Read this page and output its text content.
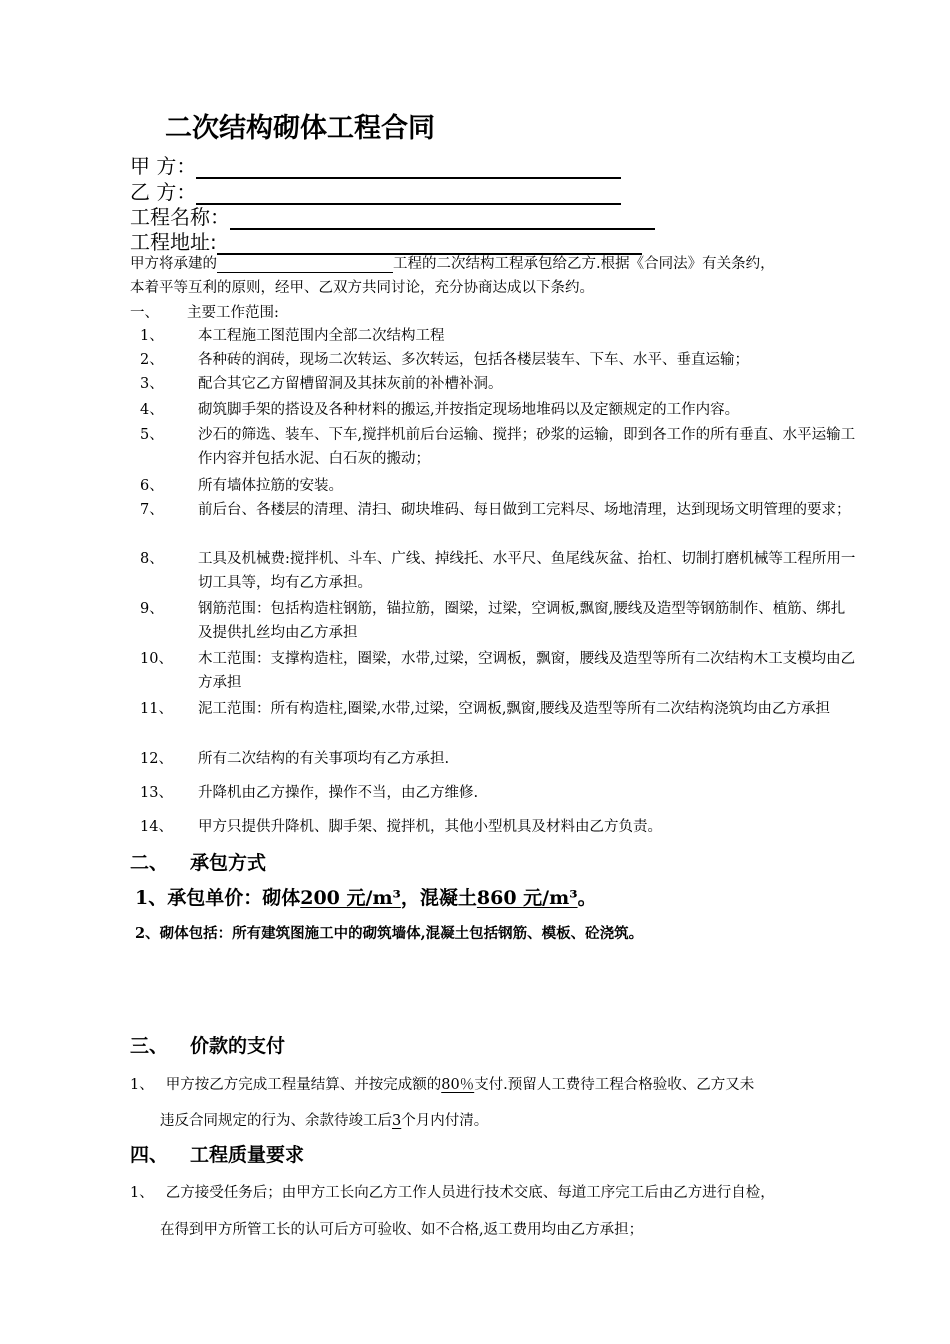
二次结构砌体工程合同
甲 方：
乙 方：
工程名称：
工程地址:
甲方将承建的	工程的二次结构工程承包给乙方.根据《合同法》有关条约，
本着平等互利的原则，经甲、乙双方共同讨论，充分协商达成以下条约。
一、 主要工作范围:
1、 本工程施工图范围内全部二次结构工程
2、 各种砖的润砖，现场二次转运、多次转运，包括各楼层装车、下车、水平、垂直运输；
3、 配合其它乙方留槽留洞及其抹灰前的补槽补洞。
4、 砌筑脚手架的搭设及各种材料的搬运,并按指定现场地堆码以及定额规定的工作内容。
5、 沙石的筛选、装车、下车,搅拌机前后台运输、搅拌；砂浆的运输，即到各工作的所有垂直、水平运输工作内容并包括水泥、白石灰的搬动；
6、 所有墙体拉筋的安装。
7、 前后台、各楼层的清理、清扫、砌块堆码、每日做到工完料尽、场地清理，达到现场文明管理的要求；
8、 工具及机械费:搅拌机、斗车、广线、掉线托、水平尺、鱼尾线灰盆、抬杠、切制打磨机械等工程所用一切工具等，均有乙方承担。
9、 钢筋范围：包括构造柱钢筋，锚拉筋，圈梁，过梁，空调板,飘窗,腰线及造型等钢筋制作、植筋、绑扎及提供扎丝均由乙方承担
10、 木工范围：支撑构造柱，圈梁，水带,过梁，空调板，飘窗，腰线及造型等所有二次结构木工支模均由乙方承担
11、 泥工范围：所有构造柱,圈梁,水带,过梁，空调板,飘窗,腰线及造型等所有二次结构浇筑均由乙方承担
12、 所有二次结构的有关事项均有乙方承担.
13、 升降机由乙方操作，操作不当，由乙方维修.
14、 甲方只提供升降机、脚手架、搅拌机，其他小型机具及材料由乙方负责。
二、 承包方式
1、承包单价：砌体200 元/m³，混凝土860 元/m³。
2、砌体包括：所有建筑图施工中的砌筑墙体,混凝土包括钢筋、模板、砼浇筑。
三、 价款的支付
1、 甲方按乙方完成工程量结算、并按完成额的80％支付.预留人工费待工程合格验收、乙方又未
违反合同规定的行为、余款待竣工后3个月内付清。
四、 工程质量要求
1、 乙方接受任务后；由甲方工长向乙方工作人员进行技术交底、每道工序完工后由乙方进行自检，
在得到甲方所管工长的认可后方可验收、如不合格,返工费用均由乙方承担；
